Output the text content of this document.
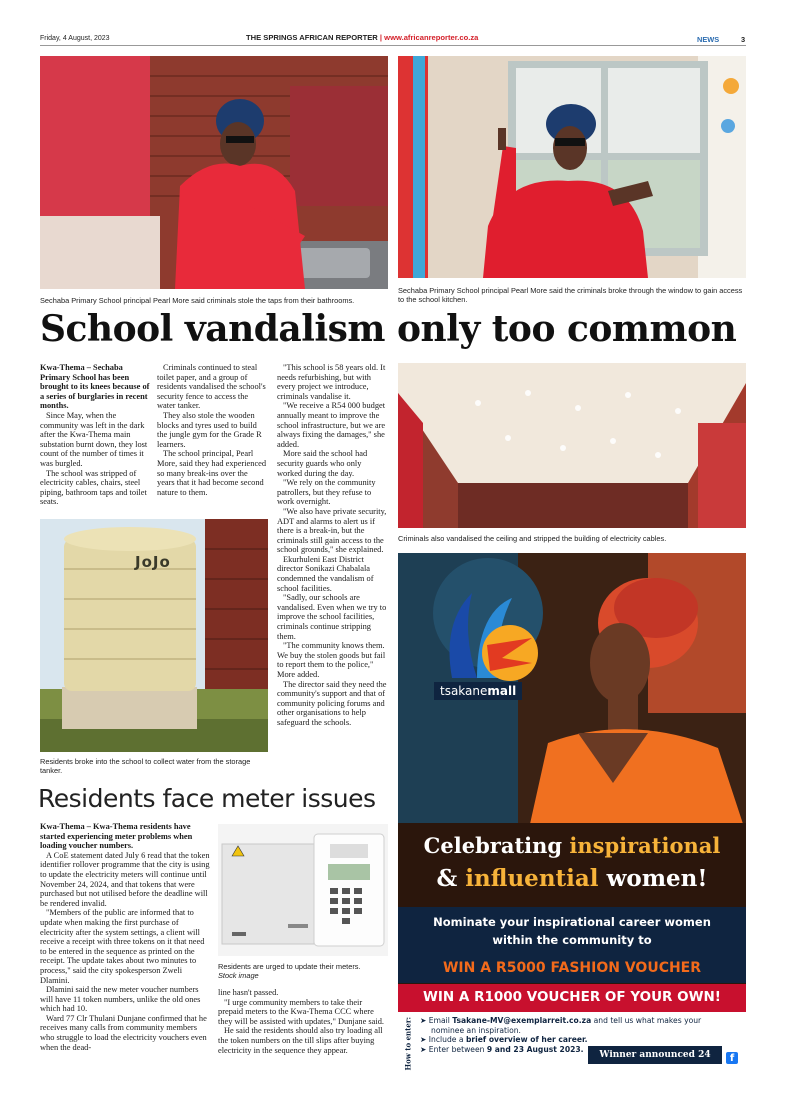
Friday, 4 August, 2023	THE SPRINGS AFRICAN REPORTER | www.africanreporter.co.za	NEWS	3
Sechaba Primary School principal Pearl More said criminals stole the taps from their bathrooms.
Sechaba Primary School principal Pearl More said the criminals broke through the window to gain access to the school kitchen.
School vandalism only too common

Kwa-Thema – Sechaba Primary School has been brought to its knees because of a series of burglaries in recent months.

Since May, when the community was left in the dark after the Kwa-Thema main substation burnt down, they lost count of the number of times it was burgled.

The school was stripped of electricity cables, chairs, steel piping, bathroom taps and toilet seats.

Criminals continued to steal toilet paper, and a group of residents vandalised the school's security fence to access the water tanker.

They also stole the wooden blocks and tyres used to build the jungle gym for the Grade R learners.

The school principal, Pearl More, said they had experienced so many break-ins over the years that it had become second nature to them.

"This school is 58 years old. It needs refurbishing, but with every project we introduce, criminals vandalise it.

"We receive a R54 000 budget annually meant to improve the school infrastructure, but we are always fixing the damages," she added.

More said the school had security guards who only worked during the day.

"We rely on the community patrollers, but they refuse to work overnight.

"We also have private security, ADT and alarms to alert us if there is a break-in, but the criminals still gain access to the school grounds," she explained.

Ekurhuleni East District director Sonikazi Chabalala condemned the vandalism of school facilities.

"Sadly, our schools are vandalised. Even when we try to improve the school facilities, criminals continue stripping them.

"The community knows them. We buy the stolen goods but fail to report them to the police," More added.

The director said they need the community's support and that of community policing forums and other organisations to help safeguard the schools.

Criminals also vandalised the ceiling and stripped the building of electricity cables.
JoJo
Residents broke into the school to collect water from the storage tanker.
Residents face meter issues

Kwa-Thema – Kwa-Thema residents have started experiencing meter problems when loading voucher numbers.

A CoE statement dated July 6 read that the token identifier rollover programme that the city is using to update the electricity meters will continue until November 24, 2024, and that tokens that were purchased but not utilised before the deadline will be rendered invalid.

"Members of the public are informed that to update when making the first purchase of electricity after the system settings, a client will receive a receipt with three tokens on it that need to be entered in the sequence as printed on the receipt. The update takes about two minutes to process," said the city spokesperson Zweli Dlamini.

Dlamini said the new meter voucher numbers will have 11 token numbers, unlike the old ones which had 10.

Ward 77 Clr Thulani Dunjane confirmed that he receives many calls from community members who struggle to load the electricity vouchers even when the dead-

Residents are urged to update their meters.
Stock image

line hasn't passed.

"I urge community members to take their prepaid meters to the Kwa-Thema CCC where they will be assisted with updates," Dunjane said.

He said the residents should also try loading all the token numbers on the till slips after buying electricity in the sequence they appear.

tsakanemall
Celebrating inspirational
& influential women!
Nominate your inspirational career women
within the community to
WIN A R5000 FASHION VOUCHER
WIN A R1000 VOUCHER OF YOUR OWN!
How to enter: ➤ Email Tsakane-MV@exemplarreit.co.za and tell us what makes your
nominee an inspiration.
➤ Include a brief overview of her career.
➤ Enter between 9 and 23 August 2023.
Winner announced 24 Aug.
f
